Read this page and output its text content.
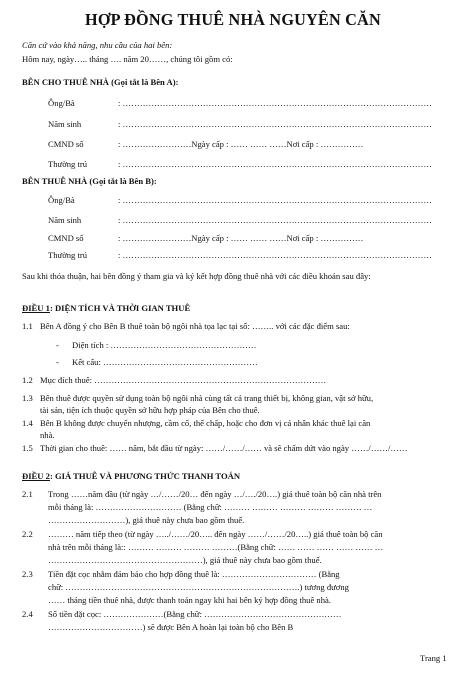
HỢP ĐỒNG THUÊ NHÀ NGUYÊN CĂN
Căn cứ vào khả năng, nhu cầu của hai bên:
Hôm nay, ngày….. tháng …. năm 20……, chúng tôi gồm có:
BÊN CHO THUÊ NHÀ (Gọi tắt là Bên A):
Ông/Bà	: ………………………………………………………………………………………………
Năm sinh	: ………………………………………………………………………………………………
CMND số	: ……………………Ngày cấp : …… …… ……Nơi cấp : ……………
Thường trú	: ………………………………………………………………………………………………
BÊN THUÊ NHÀ (Gọi tắt là Bên B):
Ông/Bà	: ………………………………………………………………………………………………
Năm sinh	: ………………………………………………………………………………………………
CMND số	: ……………………Ngày cấp : …… …… ……Nơi cấp : ……………
Thường trú	: ………………………………………………………………………………………………
Sau khi thỏa thuận, hai bên đồng ý tham gia và ký kết hợp đồng thuê nhà với các điều khoản sau đây:
ĐIỀU 1: DIỆN TÍCH VÀ THỜI GIAN THUÊ
1.1 Bên A đồng ý cho Bên B thuê toàn bộ ngôi nhà tọa lạc tại số: …….. với các đặc điểm sau:
- Diện tích : ……………………………………………
- Kết cấu: ………………………………………………
1.2 Mục đích thuê: ………………………………………………………………………
1.3 Bên thuê được quyền sử dụng toàn bộ ngôi nhà cùng tất cả trang thiết bị, không gian, vật sở hữu,
tài sản, tiện ích thuộc quyền sở hữu hợp pháp của Bên cho thuê.
1.4 Bên B không được chuyển nhượng, cầm cố, thế chấp, hoặc cho đơn vị cá nhân khác thuê lại căn
nhà.
1.5 Thời gian cho thuê: …… năm, bắt đầu từ ngày: ……/……/…… và sẽ chấm dứt vào ngày ……/……/……
ĐIỀU 2: GIÁ THUÊ VÀ PHƯƠNG THỨC THANH TOÁN
2.1 Trong ……năm đầu (từ ngày …/……/20… đến ngày …/…./20….) giá thuê toàn bộ căn nhà trên
mỗi tháng là: ………………………… (Bằng chữ: ……… ……… ……… ……… ……… …
………………………), giá thuê này chưa bao gồm thuế.
2.2 ……… năm tiếp theo (từ ngày …../……/20….. đến ngày ……/……/20…..) giá thuê toàn bộ căn
nhà trên mỗi tháng là:: ……… ……… ……… ………(Bằng chữ: …… …… …… …… …… …
………………………………………………), giá thuê này chưa bao gồm thuế.
2.3 Tiền đặt cọc nhằm đảm bảo cho hợp đồng thuê là: …………………………… (Bằng
chữ: ……………………………………………………………………….) tương đương
…… tháng tiền thuê nhà, được thanh toán ngay khi hai bên ký hợp đồng thuê nhà.
2.4 Số tiền đặt cọc: …………………(Bằng chữ: …………………………………………
……………………………) sẽ được Bên A hoàn lại toàn bộ cho Bên B
Trang 1
